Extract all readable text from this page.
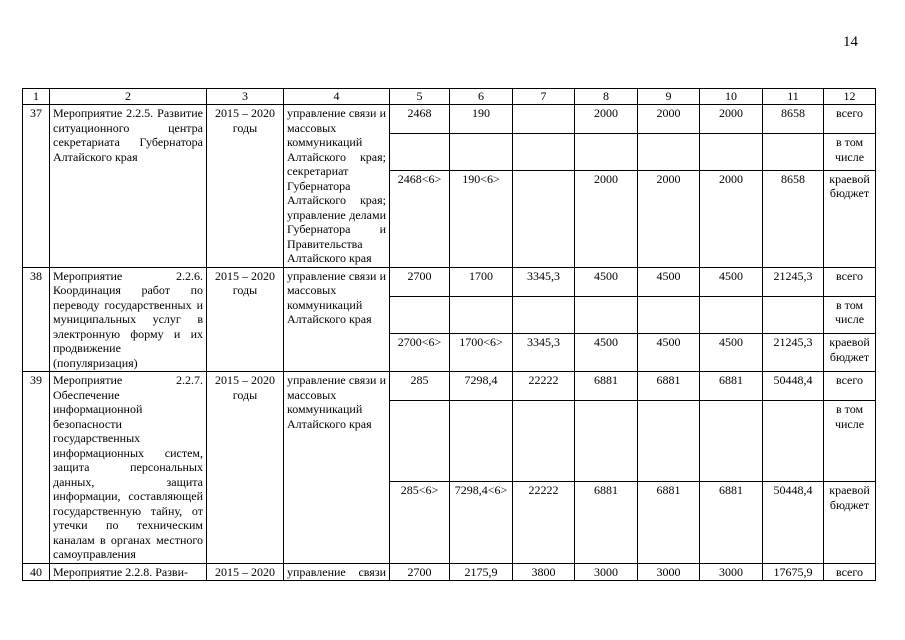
14
1	2	3	4	5	6	7	8	9	10	11	12
37	Мероприятие 2.2.5. Развитие ситуационного центра секретариата Губернатора Алтайского края	2015 – 2020 годы	управление связи и массовых коммуникаций Алтайского края; секретариат Губернатора Алтайского края; управление делами Губернатора и Правительства Алтайского края	2468	190		2000	2000	2000	8658	всего
											в том числе
				2468<6>	190<6>		2000	2000	2000	8658	краевой бюджет
38	Мероприятие 2.2.6. Координация работ по переводу государственных и муниципальных услуг в электронную форму и их продвижение (популяризация)	2015 – 2020 годы	управление связи и массовых коммуникаций Алтайского края	2700	1700	3345,3	4500	4500	4500	21245,3	всего
											в том числе
				2700<6>	1700<6>	3345,3	4500	4500	4500	21245,3	краевой бюджет
39	Мероприятие 2.2.7. Обеспечение информационной безопасности государственных информационных систем, защита персональных данных, защита информации, составляющей государственную тайну, от утечки по техническим каналам в органах местного самоуправления	2015 – 2020 годы	управление связи и массовых коммуникаций Алтайского края	285	7298,4	22222	6881	6881	6881	50448,4	всего
											в том числе
				285<6>	7298,4<6>	22222	6881	6881	6881	50448,4	краевой бюджет
40	Мероприятие 2.2.8. Разви-	2015 – 2020	управление связи	2700	2175,9	3800	3000	3000	3000	17675,9	всего
